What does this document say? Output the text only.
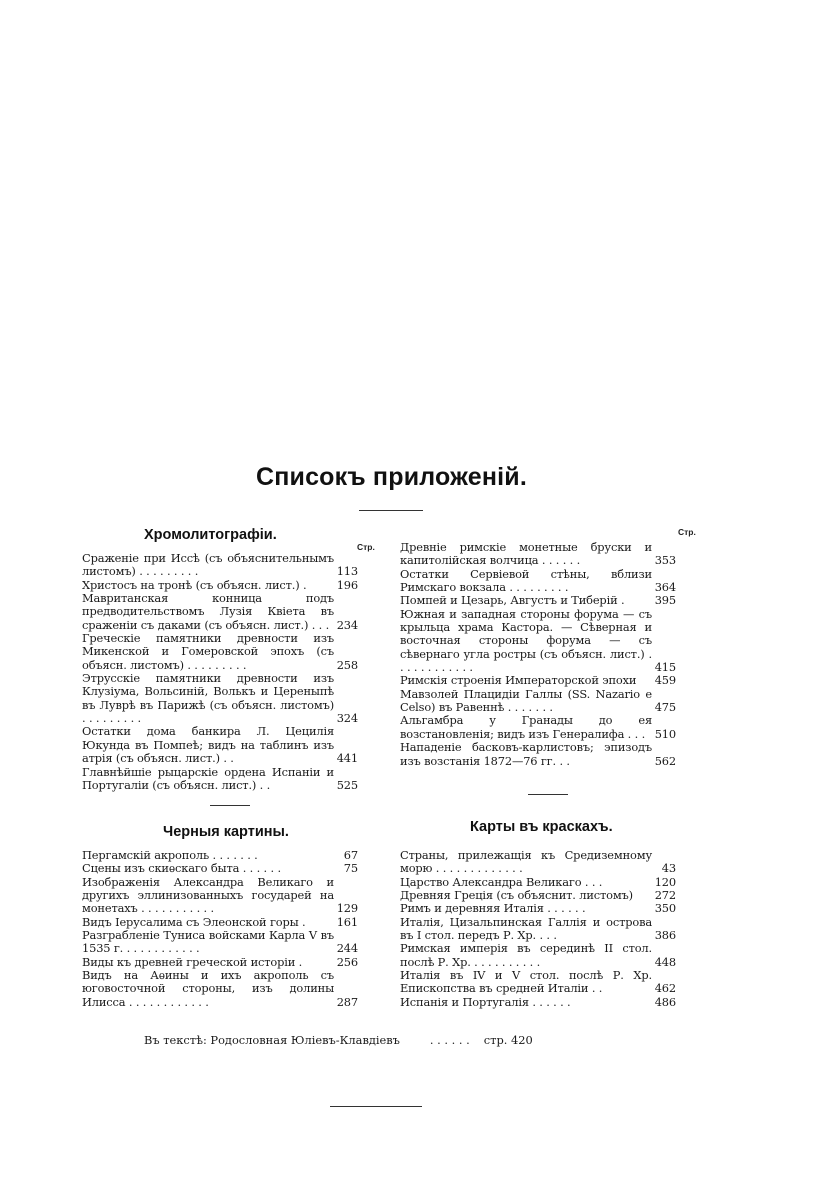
Списокъ приложеній.
Хромолитографіи.
Стр.
Сраженіе при Иссѣ (съ объяснительнымъ листомъ) . . . . . . . . .	113
Христосъ на тронѣ (съ объясн. лист.) .	196
Мавританская конница подъ предводительствомъ Лузія Квіета въ сраженіи съ даками (съ объясн. лист.) . . . 234
Греческіе памятники древности изъ Микенской и Гомеровской эпохъ (съ объясн. листомъ) . . . . . . . . .	258
Этрусскіе памятники древности изъ Клузіума, Вольсиній, Волькъ и Цереныпѣ въ Луврѣ въ Парижѣ (съ объясн. листомъ) . . . . . . . . .	324
Остатки дома банкира Л. Цецилія Юкунда въ Помпеѣ; видъ на таблинъ изъ атрія (съ объясн. лист.) . .	441
Главнѣйшіе рыцарскіе ордена Испаніи и Португаліи (съ объясн. лист.) . .	525
Черныя картины.
Пергамскій акрополь . . . . . . .	67
Сцены изъ скиѳскаго быта . . . . . .	75
Изображенія Александра Великаго и другихъ эллинизованныхъ государей на монетахъ . . . . . . . . . . .	129
Видъ Іерусалима съ Элеонской горы .	161
Разграбленіе Туниса войсками Карла V въ 1535 г. . . . . . . . . . . .	244
Виды къ древней греческой исторіи .	256
Видъ на Аѳины и ихъ акрополь съ юговосточной стороны, изъ долины Илисса . . . . . . . . . . . .	287
Стр.
Древніе римскіе монетные бруски и капитолійская волчица . . . . . .	353
Остатки Сервіевой стѣны, вблизи Римскаго вокзала . . . . . . . . .	364
Помпей и Цезарь, Августъ и Тиберій .	395
Южная и западная стороны форума — съ крыльца храма Кастора. — Сѣверная и восточная стороны форума — съ сѣвернаго угла ростры (съ объясн. лист.) . . . . . . . . . . . .	415
Римскія строенія Императорской эпохи 459
Мавзолей Плацидіи Галлы (SS. Nazario e Celso) въ Равеннѣ . . . . . . .	475
Альгамбра у Гранады до ея возстановленія; видъ изъ Генералифа . . . 510
Нападеніе басковъ-карлистовъ; эпизодъ изъ возстанія 1872—76 гг. . .	562
Карты въ краскахъ.
Страны, прилежащія къ Средиземному морю . . . . . . . . . . . . .	43
Царство Александра Великаго . . .	120
Древняя Греція (съ объяснит. листомъ) 272
Римъ и деревняя Италія . . . . . .	350
Италія, Цизальпинская Галлія и острова въ I стол. передъ Р. Хр. . . .	386
Римская имперія въ серединѣ II стол. послѣ Р. Хр. . . . . . . . . . .	448
Италія въ IV и V стол. послѣ Р. Хр. Епископства въ средней Италіи . .	462
Испанія и Португалія . . . . . .	486
Въ текстѣ: Родословная Юліевъ-Клавдіевъ	. . . . . . стр. 420
